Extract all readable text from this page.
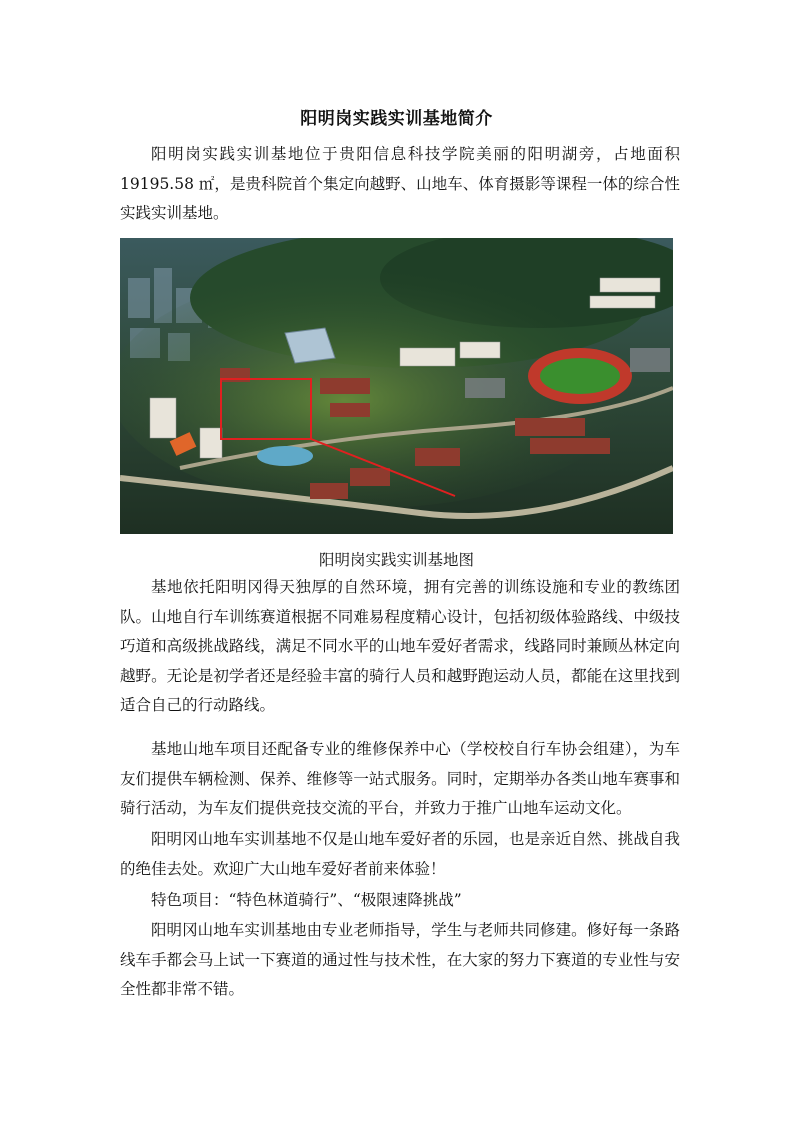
阳明岗实践实训基地简介

阳明岗实践实训基地位于贵阳信息科技学院美丽的阳明湖旁，占地面积19195.58 ㎡，是贵科院首个集定向越野、山地车、体育摄影等课程一体的综合性实践实训基地。

阳明岗实践实训基地图

基地依托阳明冈得天独厚的自然环境，拥有完善的训练设施和专业的教练团队。山地自行车训练赛道根据不同难易程度精心设计，包括初级体验路线、中级技巧道和高级挑战路线，满足不同水平的山地车爱好者需求，线路同时兼顾丛林定向越野。无论是初学者还是经验丰富的骑行人员和越野跑运动人员，都能在这里找到适合自己的行动路线。

基地山地车项目还配备专业的维修保养中心（学校校自行车协会组建），为车友们提供车辆检测、保养、维修等一站式服务。同时，定期举办各类山地车赛事和骑行活动，为车友们提供竞技交流的平台，并致力于推广山地车运动文化。

阳明冈山地车实训基地不仅是山地车爱好者的乐园，也是亲近自然、挑战自我的绝佳去处。欢迎广大山地车爱好者前来体验！

特色项目：“特色林道骑行”、“极限速降挑战”

阳明冈山地车实训基地由专业老师指导，学生与老师共同修建。修好每一条路线车手都会马上试一下赛道的通过性与技术性，在大家的努力下赛道的专业性与安全性都非常不错。
